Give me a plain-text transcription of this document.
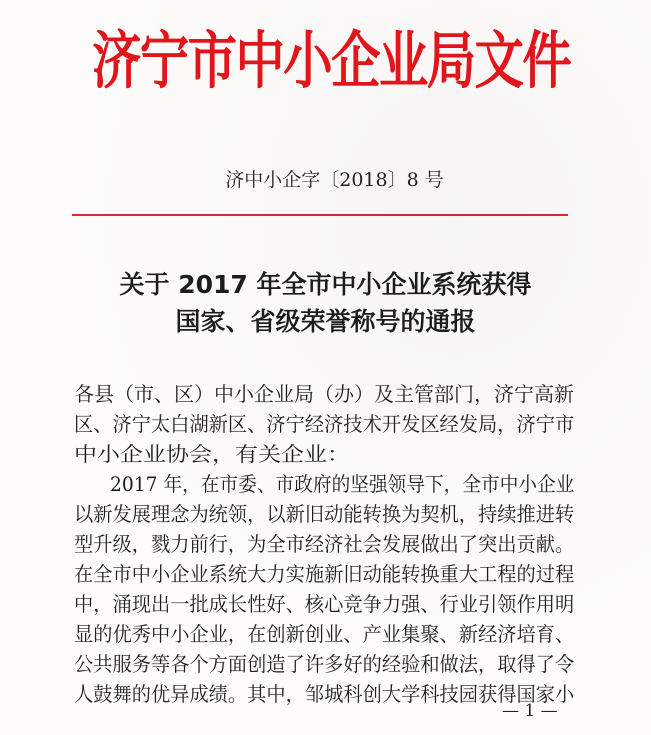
济宁市中小企业局文件
济中小企字〔2018〕8 号
关于 2017 年全市中小企业系统获得
国家、省级荣誉称号的通报
各县（市、区）中小企业局（办）及主管部门，济宁高新
区、济宁太白湖新区、济宁经济技术开发区经发局，济宁市
中小企业协会，有关企业：
2017 年，在市委、市政府的坚强领导下，全市中小企业
以新发展理念为统领，以新旧动能转换为契机，持续推进转
型升级，戮力前行，为全市经济社会发展做出了突出贡献。
在全市中小企业系统大力实施新旧动能转换重大工程的过程
中，涌现出一批成长性好、核心竞争力强、行业引领作用明
显的优秀中小企业，在创新创业、产业集聚、新经济培育、
公共服务等各个方面创造了许多好的经验和做法，取得了令
人鼓舞的优异成绩。其中，邹城科创大学科技园获得国家小
— 1 —
